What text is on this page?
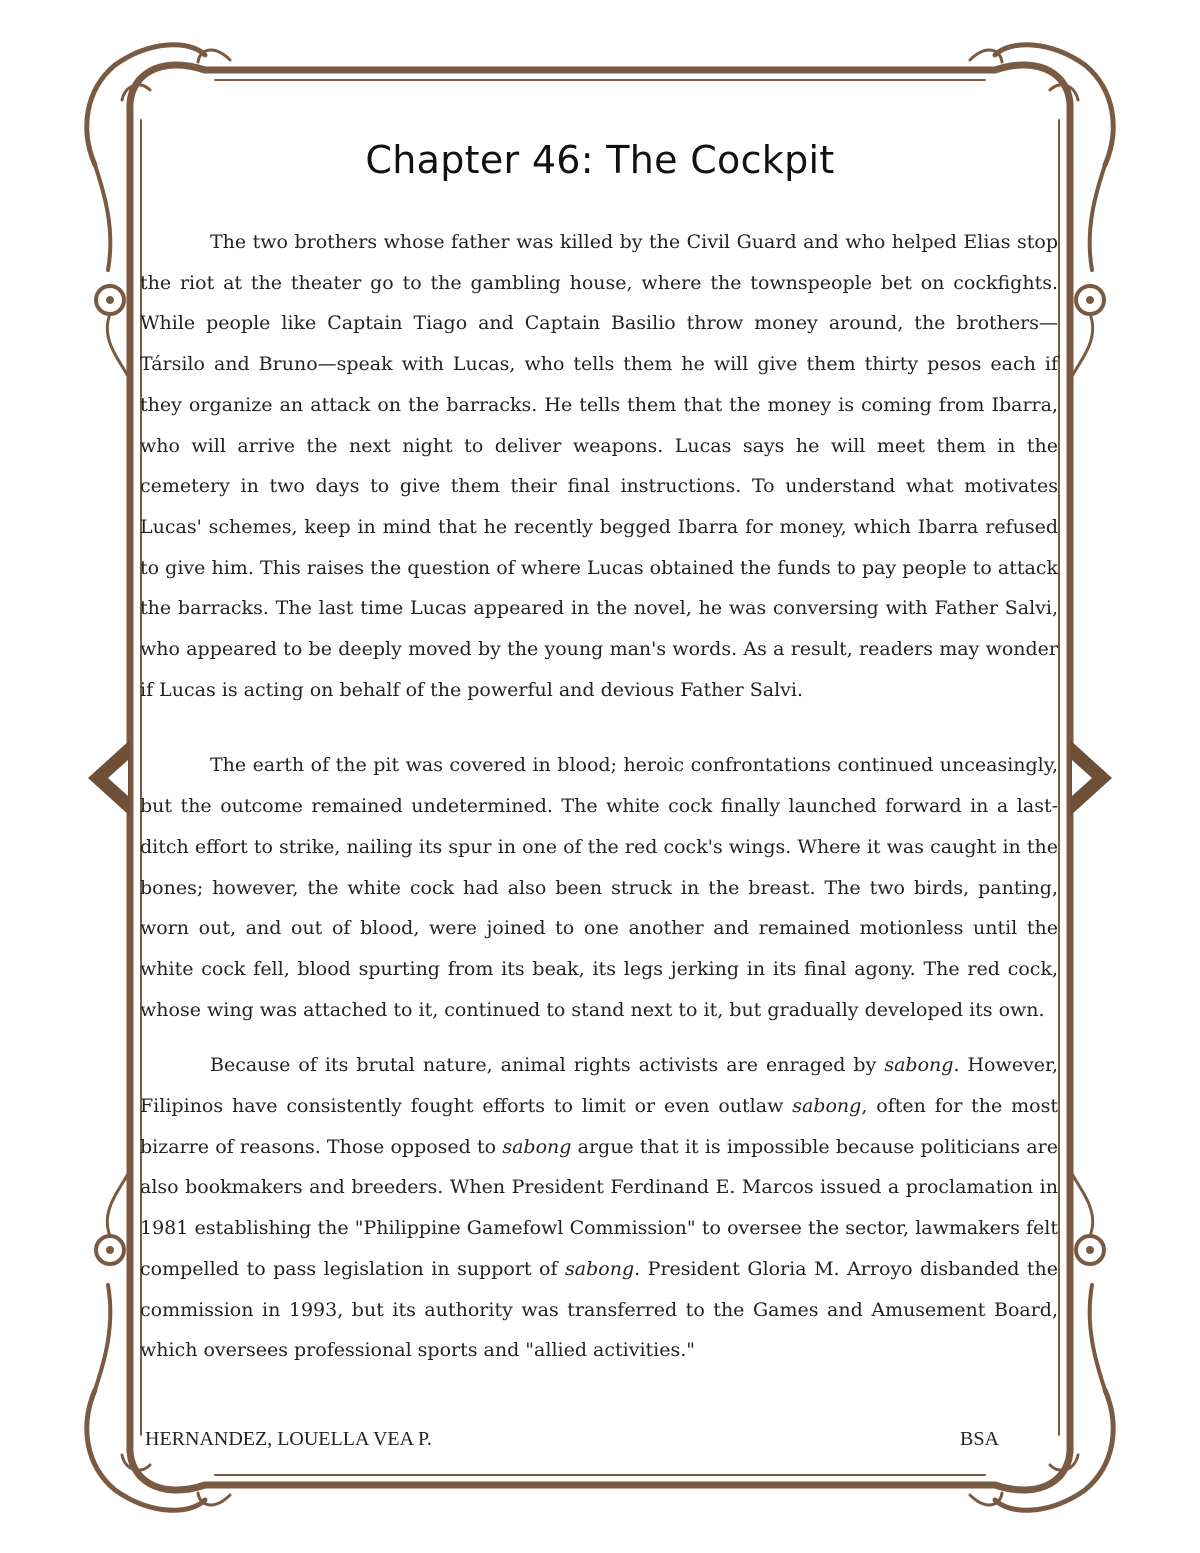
Chapter 46: The Cockpit

The two brothers whose father was killed by the Civil Guard and who helped Elias stop the riot at the theater go to the gambling house, where the townspeople bet on cockfights. While people like Captain Tiago and Captain Basilio throw money around, the brothers—Társilo and Bruno—speak with Lucas, who tells them he will give them thirty pesos each if they organize an attack on the barracks. He tells them that the money is coming from Ibarra, who will arrive the next night to deliver weapons. Lucas says he will meet them in the cemetery in two days to give them their final instructions. To understand what motivates Lucas' schemes, keep in mind that he recently begged Ibarra for money, which Ibarra refused to give him. This raises the question of where Lucas obtained the funds to pay people to attack the barracks. The last time Lucas appeared in the novel, he was conversing with Father Salvi, who appeared to be deeply moved by the young man's words. As a result, readers may wonder if Lucas is acting on behalf of the powerful and devious Father Salvi.

The earth of the pit was covered in blood; heroic confrontations continued unceasingly, but the outcome remained undetermined. The white cock finally launched forward in a last-ditch effort to strike, nailing its spur in one of the red cock's wings. Where it was caught in the bones; however, the white cock had also been struck in the breast. The two birds, panting, worn out, and out of blood, were joined to one another and remained motionless until the white cock fell, blood spurting from its beak, its legs jerking in its final agony. The red cock, whose wing was attached to it, continued to stand next to it, but gradually developed its own.

Because of its brutal nature, animal rights activists are enraged by sabong. However, Filipinos have consistently fought efforts to limit or even outlaw sabong, often for the most bizarre of reasons. Those opposed to sabong argue that it is impossible because politicians are also bookmakers and breeders. When President Ferdinand E. Marcos issued a proclamation in 1981 establishing the "Philippine Gamefowl Commission" to oversee the sector, lawmakers felt compelled to pass legislation in support of sabong. President Gloria M. Arroyo disbanded the commission in 1993, but its authority was transferred to the Games and Amusement Board, which oversees professional sports and "allied activities."

HERNANDEZ, LOUELLA VEA P.	BSA
